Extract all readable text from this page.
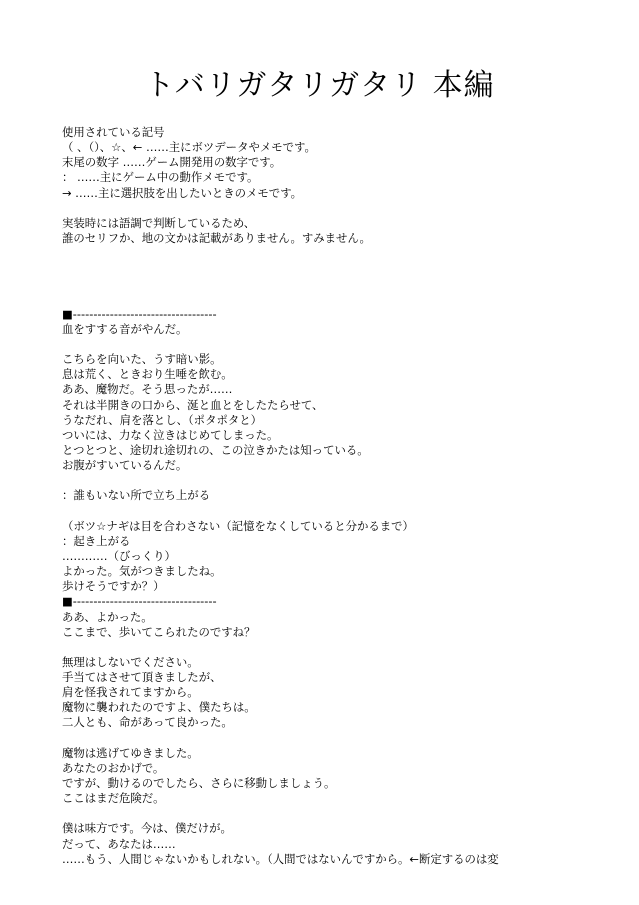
トバリガタリガタリ 本編
使用されている記号
（ 、（）、☆、← ……主にボツデータやメモです。
末尾の数字 ……ゲーム開発用の数字です。
： ……主にゲーム中の動作メモです。
→ ……主に選択肢を出したいときのメモです。
実装時には語調で判断しているため、
誰のセリフか、地の文かは記載がありません。すみません。
■-----------------------------------
血をすする音がやんだ。
こちらを向いた、うす暗い影。
息は荒く、ときおり生唾を飲む。
ああ、魔物だ。そう思ったが……
それは半開きの口から、涎と血とをしたたらせて、
うなだれ、肩を落とし、（ポタポタと）
ついには、力なく泣きはじめてしまった。
とつとつと、途切れ途切れの、この泣きかたは知っている。
お腹がすいているんだ。
：誰もいない所で立ち上がる
（ボツ☆ナギは目を合わさない（記憶をなくしていると分かるまで）
：起き上がる
…………（びっくり）
よかった。気がつきましたね。
歩けそうですか？）
■-----------------------------------
ああ、よかった。
ここまで、歩いてこられたのですね？
無理はしないでください。
手当てはさせて頂きましたが、
肩を怪我されてますから。
魔物に襲われたのですよ、僕たちは。
二人とも、命があって良かった。
魔物は逃げてゆきました。
あなたのおかげで。
ですが、動けるのでしたら、さらに移動しましょう。
ここはまだ危険だ。
僕は味方です。今は、僕だけが。
だって、あなたは……
……もう、人間じゃないかもしれない。（人間ではないんですから。←断定するのは変
